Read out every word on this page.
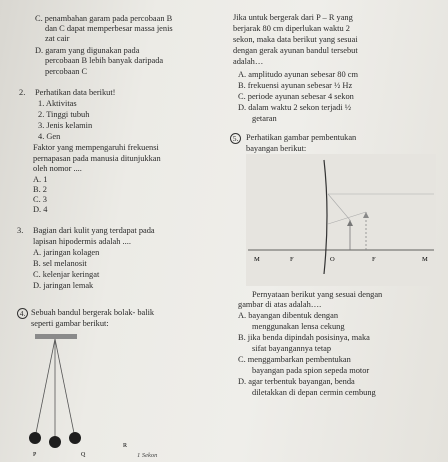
C. penambahan garam pada percobaan B
dan C dapat memperbesar massa jenis
zat cair
D. garam yang digunakan pada
percobaan B lebih banyak daripada
percobaan C
2. Perhatikan data berikut!
1. Aktivitas
2. Tinggi tubuh
3. Jenis kelamin
4. Gen
Faktor yang mempengaruhi frekuensi
pernapasan pada manusia ditunjukkan
oleh nomor ....
A. 1
B. 2
C. 3
D. 4
3. Bagian dari kulit yang terdapat pada
lapisan hipodermis adalah ....
A. jaringan kolagen
B. sel melanosit
C. kelenjar keringat
D. jaringan lemak
4. Sebuah bandul bergerak bolak- balik
seperti gambar berikut:
P	Q
R
1 Sekon
Jika untuk bergerak dari P – R yang
berjarak 80 cm diperlukan waktu 2
sekon, maka data berikut yang sesuai
dengan gerak ayunan bandul tersebut
adalah…
A. amplitudo ayunan sebesar 80 cm
B. frekuensi ayunan sebesar ½ Hz
C. periode ayunan sebesar 4 sekon
D. dalam waktu 2 sekon terjadi ½
getaran
5. Perhatikan gambar pembentukan
bayangan berikut:
M	F	O	F	M
Pernyataan berikut yang sesuai dengan
gambar di atas adalah….
A. bayangan dibentuk dengan
menggunakan lensa cekung
B. jika benda dipindah posisinya, maka
sifat bayangannya tetap
C. menggambarkan pembentukan
bayangan pada spion sepeda motor
D. agar terbentuk bayangan, benda
diletakkan di depan cermin cembung
